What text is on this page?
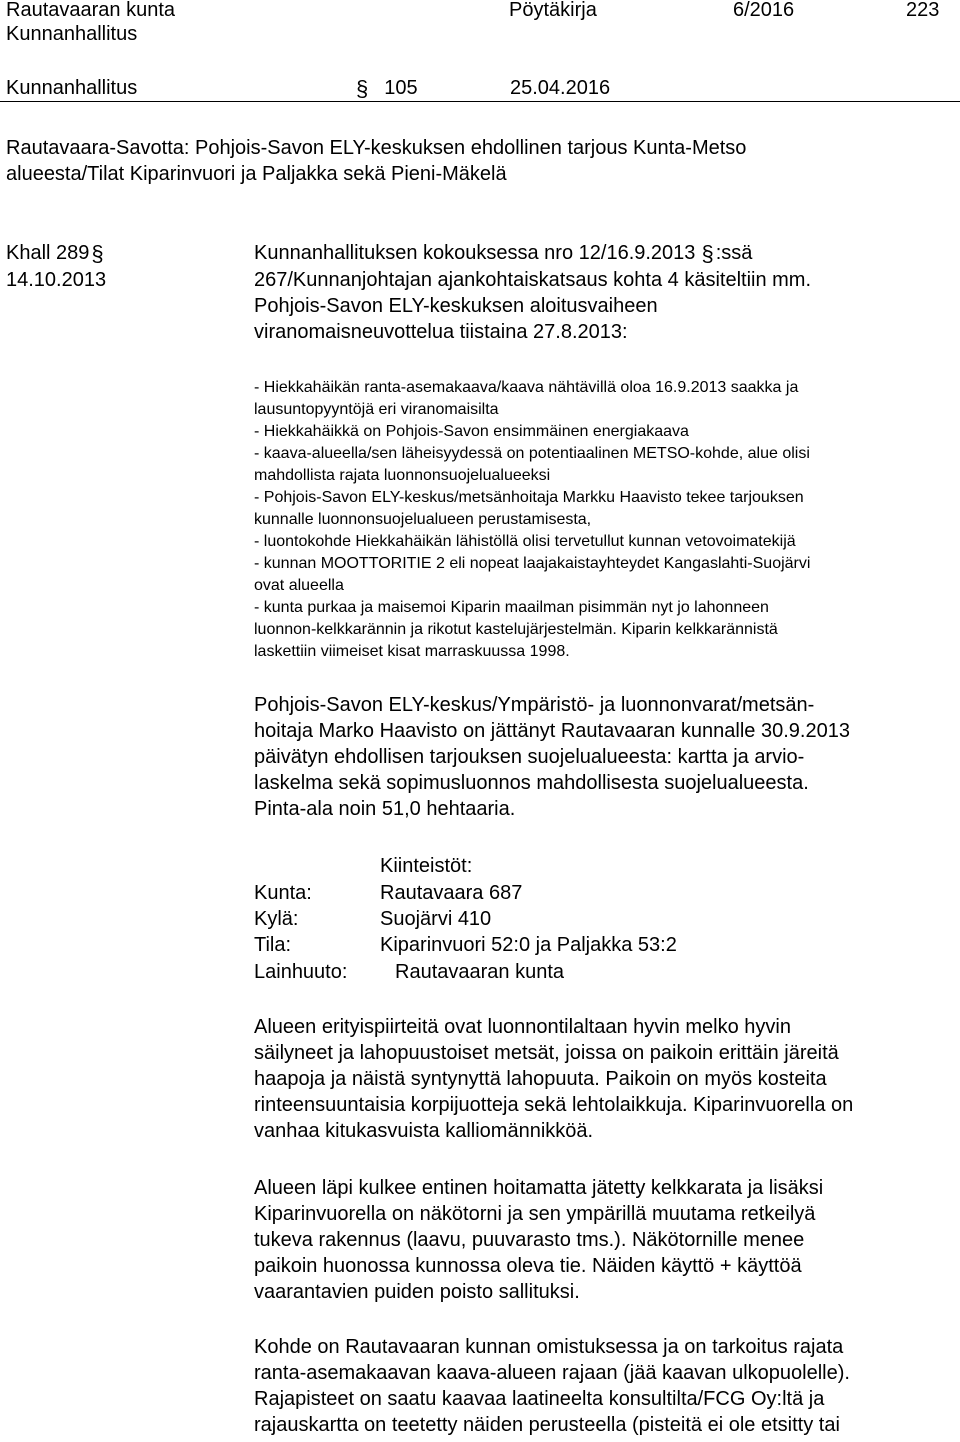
Rautavaaran kunta
Kunnanhallitus
Pöytäkirja	6/2016	223
Kunnanhallitus	§ 105	25.04.2016
Rautavaara-Savotta: Pohjois-Savon ELY-keskuksen ehdollinen tarjous Kunta-Metso
alueesta/Tilat Kiparinvuori ja Paljakka sekä Pieni-Mäkelä
Khall 289§
14.10.2013
Kunnanhallituksen kokouksessa nro 12/16.9.2013 § :ssä
267/Kunnanjohtajan ajankohtaiskatsaus kohta 4 käsiteltiin mm.
Pohjois-Savon ELY-keskuksen aloitusvaiheen
viranomaisneuvottelua tiistaina 27.8.2013:
- Hiekkahäikän ranta-asemakaava/kaava nähtävillä oloa 16.9.2013 saakka ja
lausuntopyyntöjä eri viranomaisilta
- Hiekkahäikkä on Pohjois-Savon ensimmäinen energiakaava
- kaava-alueella/sen läheisyydessä on potentiaalinen METSO-kohde, alue olisi
mahdollista rajata luonnonsuojelualueeksi
- Pohjois-Savon ELY-keskus/metsänhoitaja Markku Haavisto tekee tarjouksen
kunnalle luonnonsuojelualueen perustamisesta,
- luontokohde Hiekkahäikän lähistöllä olisi tervetullut kunnan vetovoimatekijä
- kunnan MOOTTORITIE 2 eli nopeat laajakaistayhteydet Kangaslahti-Suojärvi
ovat alueella
- kunta purkaa ja maisemoi Kiparin maailman pisimmän nyt jo lahonneen
luonnon-kelkkarännin ja rikotut kastelujärjestelmän. Kiparin kelkkarännistä
laskettiin viimeiset kisat marraskuussa 1998.
Pohjois-Savon ELY-keskus/Ympäristö- ja luonnonvarat/metsän-
hoitaja Marko Haavisto on jättänyt Rautavaaran kunnalle 30.9.2013
päivätyn ehdollisen tarjouksen suojelualueesta: kartta ja arvio-
laskelma sekä sopimusluonnos mahdollisesta suojelualueesta.
Pinta-ala noin 51,0 hehtaaria.
Kiinteistöt:
Kunta:	Rautavaara 687
Kylä:	Suojärvi 410
Tila:	Kiparinvuori 52:0 ja Paljakka 53:2
Lainhuuto: Rautavaaran kunta
Alueen erityispiirteitä ovat luonnontilaltaan hyvin melko hyvin
säilyneet ja lahopuustoiset metsät, joissa on paikoin erittäin järeitä
haapoja ja näistä syntynyttä lahopuuta. Paikoin on myös kosteita
rinteensuuntaisia korpijuotteja sekä lehtolaikkuja. Kiparinvuorella on
vanhaa kitukasvuista kalliomännikköä.
Alueen läpi kulkee entinen hoitamatta jätetty kelkkarata ja lisäksi
Kiparinvuorella on näkötorni ja sen ympärillä muutama retkeilyä
tukeva rakennus (laavu, puuvarasto tms.). Näkötornille menee
paikoin huonossa kunnossa oleva tie. Näiden käyttö + käyttöä
vaarantavien puiden poisto sallituksi.
Kohde on Rautavaaran kunnan omistuksessa ja on tarkoitus rajata
ranta-asemakaavan kaava-alueen rajaan (jää kaavan ulkopuolelle).
Rajapisteet on saatu kaavaa laatineelta konsultilta/FCG Oy:ltä ja
rajauskartta on teetetty näiden perusteella (pisteitä ei ole etsitty tai
